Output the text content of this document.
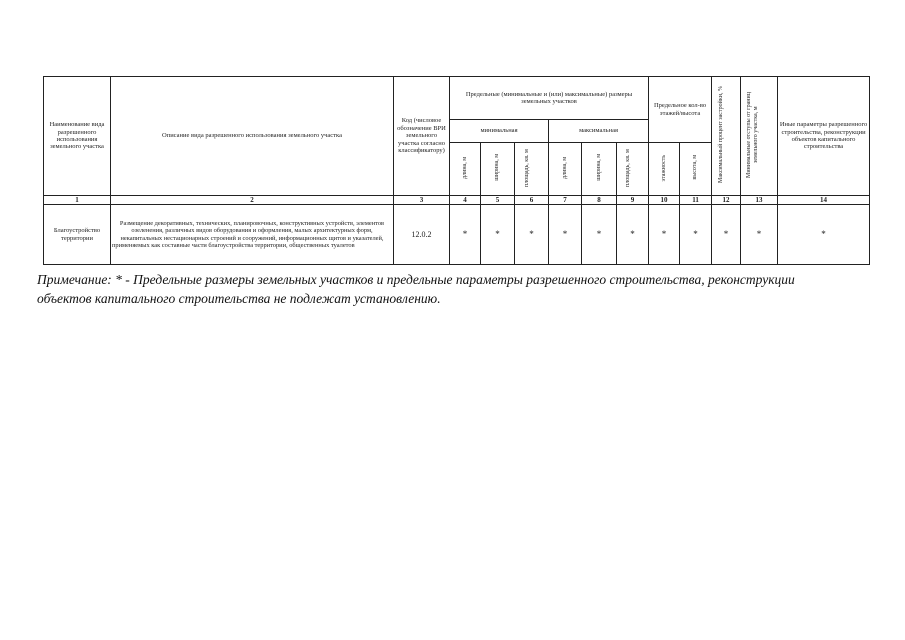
Наименование вида разрешенного использования земельного участка	Описание вида разрешенного использования земельного участка	Код (числовое обозначение ВРИ земельного участка согласно классификатору)	Предельные (минимальные и (или) максимальные) размеры земельных участков						Предельное кол-во этажей/высота		Максимальный процент застройки, %	Минимальные отступы от границ земельного участка, м	Иные параметры разрешенного строительства, реконструкции объектов капитального строительства
			минимальная			максимальная							
			длина, м	ширина, м	площадь, кв. м	длина, м	ширина, м	площадь, кв. м	этажность	высота, м			
1	2	3	4	5	6	7	8	9	10	11	12	13	14
Благоустройство территории	Размещение декоративных, технических, планировочных, конструктивных устройств, элементов озеленения, различных видов оборудования и оформления, малых архитектурных форм, некапитальных нестационарных строений и сооружений, информационных щитов и указателей, применяемых как составные части благоустройства территории, общественных туалетов	12.0.2	*	*	*	*	*	*	*	*	*	*	*
Примечание: * - Предельные размеры земельных участков и предельные параметры разрешенного строительства, реконструкции объектов капитального строительства не подлежат установлению.
